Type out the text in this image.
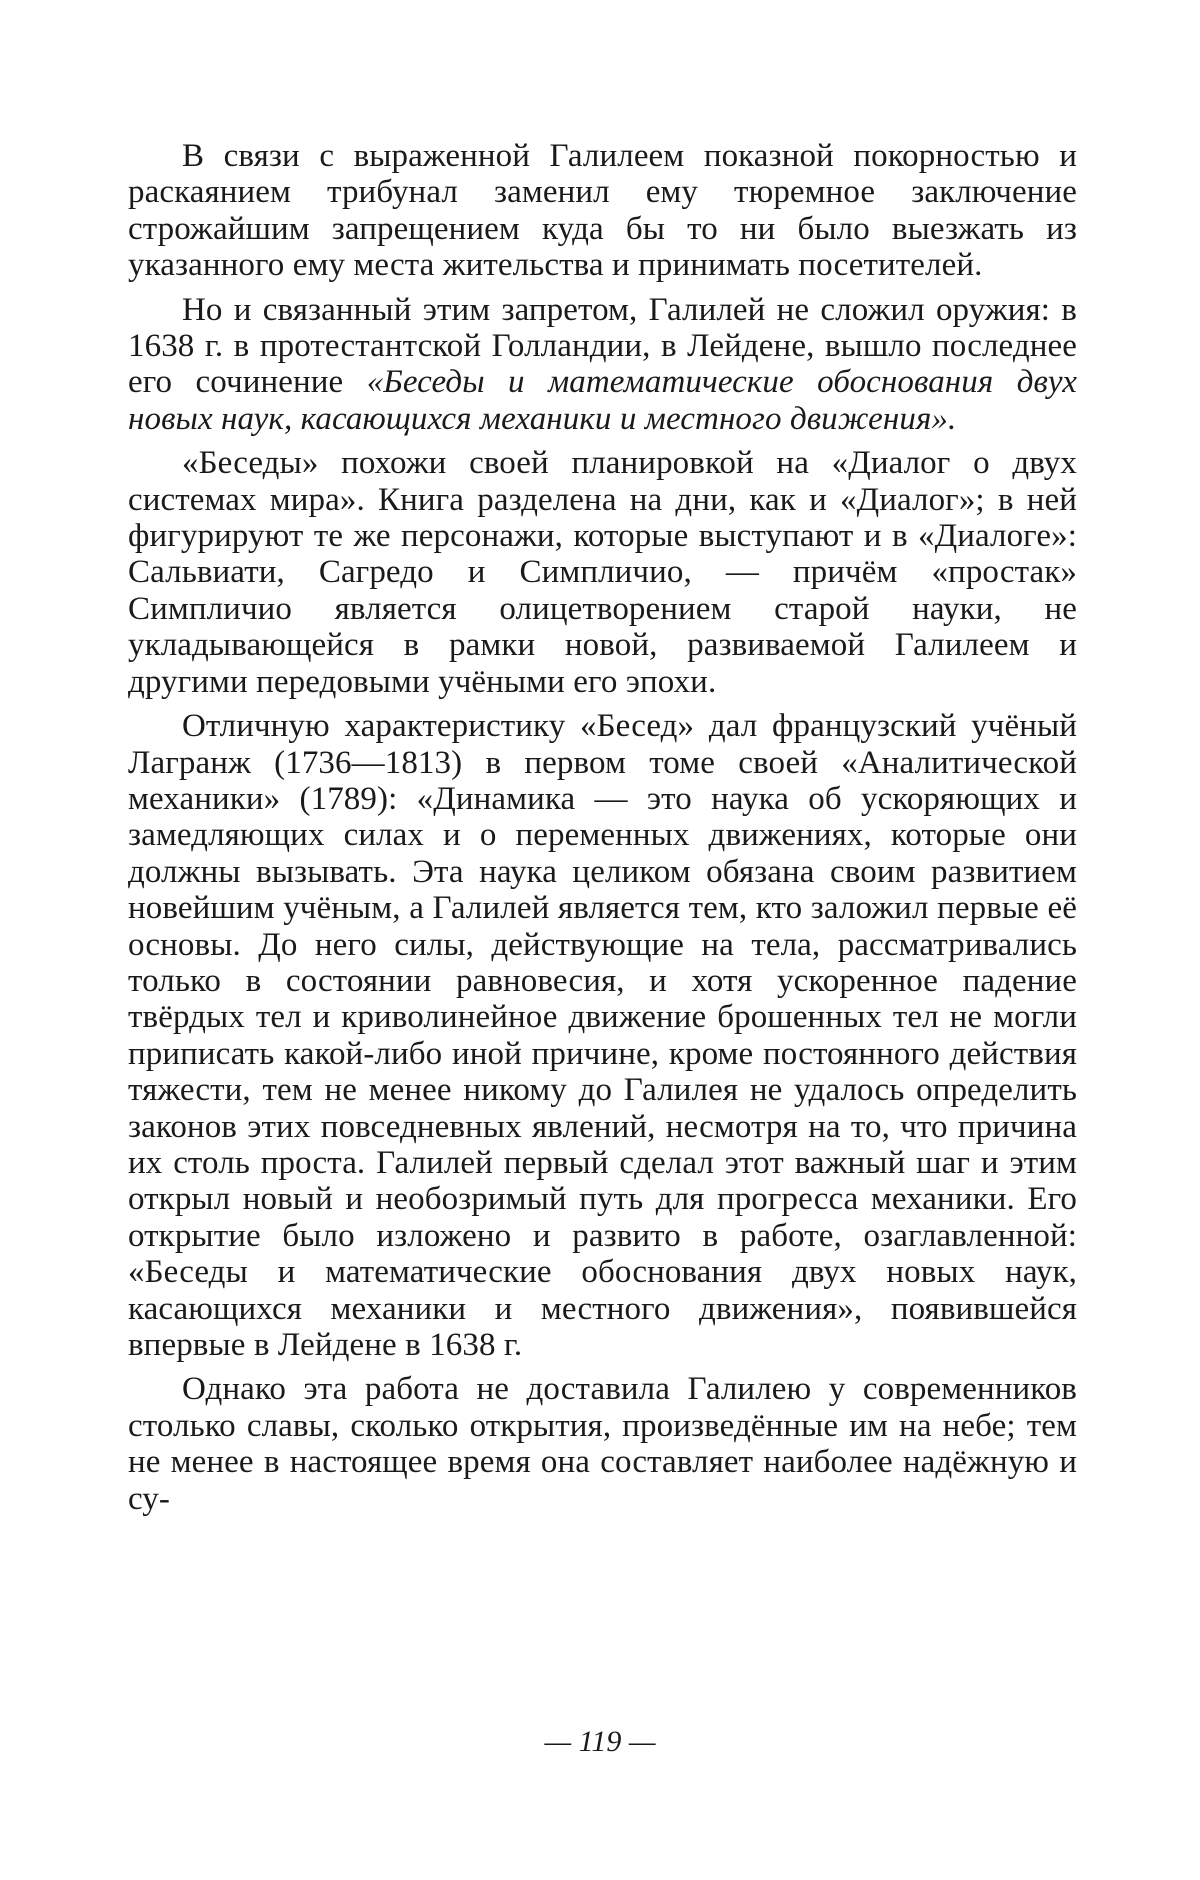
В связи с выраженной Галилеем показной покорностью и раскаянием трибунал заменил ему тюремное заключение строжайшим запрещением куда бы то ни было выезжать из указанного ему места жительства и принимать посетителей.

Но и связанный этим запретом, Галилей не сложил оружия: в 1638 г. в протестантской Голландии, в Лейдене, вышло последнее его сочинение «Беседы и математические обоснования двух новых наук, касающихся механики и местного движения».

«Беседы» похожи своей планировкой на «Диалог о двух системах мира». Книга разделена на дни, как и «Диалог»; в ней фигурируют те же персонажи, которые выступают и в «Диалоге»: Сальвиати, Сагредо и Симпличио, — причём «простак» Симпличио является олицетворением старой науки, не укладывающейся в рамки новой, развиваемой Галилеем и другими передовыми учёными его эпохи.

Отличную характеристику «Бесед» дал французский учёный Лагранж (1736—1813) в первом томе своей «Аналитической механики» (1789): «Динамика — это наука об ускоряющих и замедляющих силах и о переменных движениях, которые они должны вызывать. Эта наука целиком обязана своим развитием новейшим учёным, а Галилей является тем, кто заложил первые её основы. До него силы, действующие на тела, рассматривались только в состоянии равновесия, и хотя ускоренное падение твёрдых тел и криволинейное движение брошенных тел не могли приписать какой-либо иной причине, кроме постоянного действия тяжести, тем не менее никому до Галилея не удалось определить законов этих повседневных явлений, несмотря на то, что причина их столь проста. Галилей первый сделал этот важный шаг и этим открыл новый и необозримый путь для прогресса механики. Его открытие было изложено и развито в работе, озаглавленной: «Беседы и математические обоснования двух новых наук, касающихся механики и местного движения», появившейся впервые в Лейдене в 1638 г.

Однако эта работа не доставила Галилею у современников столько славы, сколько открытия, произведённые им на небе; тем не менее в настоящее время она составляет наиболее надёжную и су-

— 119 —
